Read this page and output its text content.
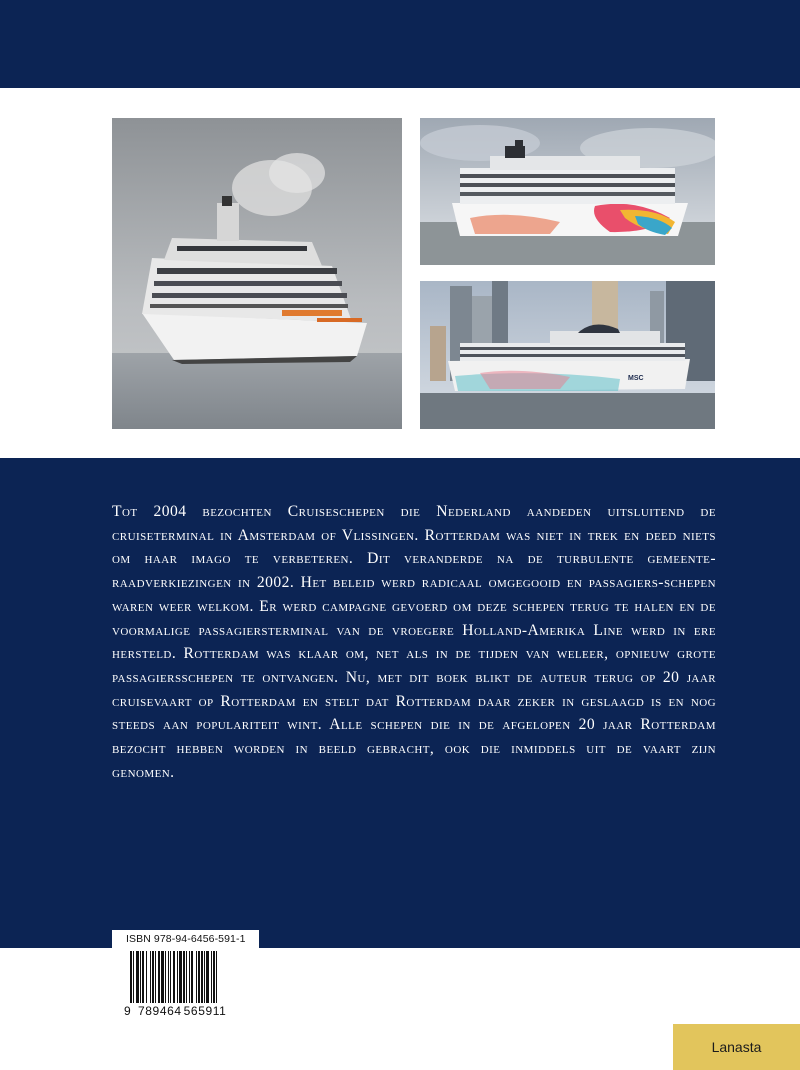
MSC

Tot 2004 bezochten Cruiseschepen die Nederland aandeden uitsluitend de cruiseterminal in Amsterdam of Vlissingen. Rotterdam was niet in trek en deed niets om haar imago te verbeteren. Dit veranderde na de turbulente gemeente-raadverkiezingen in 2002. Het beleid werd radicaal omgegooid en passagiers-schepen waren weer welkom. Er werd campagne gevoerd om deze schepen terug te halen en de voormalige passagiersterminal van de vroegere Holland-Amerika Line werd in ere hersteld. Rotterdam was klaar om, net als in de tijden van weleer, opnieuw grote passagiersschepen te ontvangen. Nu, met dit boek blikt de auteur terug op 20 jaar cruisevaart op Rotterdam en stelt dat Rotterdam daar zeker in geslaagd is en nog steeds aan populariteit wint. Alle schepen die in de afgelopen 20 jaar Rotterdam bezocht hebben worden in beeld gebracht, ook die inmiddels uit de vaart zijn genomen.

ISBN 978-94-6456-591-1
9 789464 565911
Lanasta
